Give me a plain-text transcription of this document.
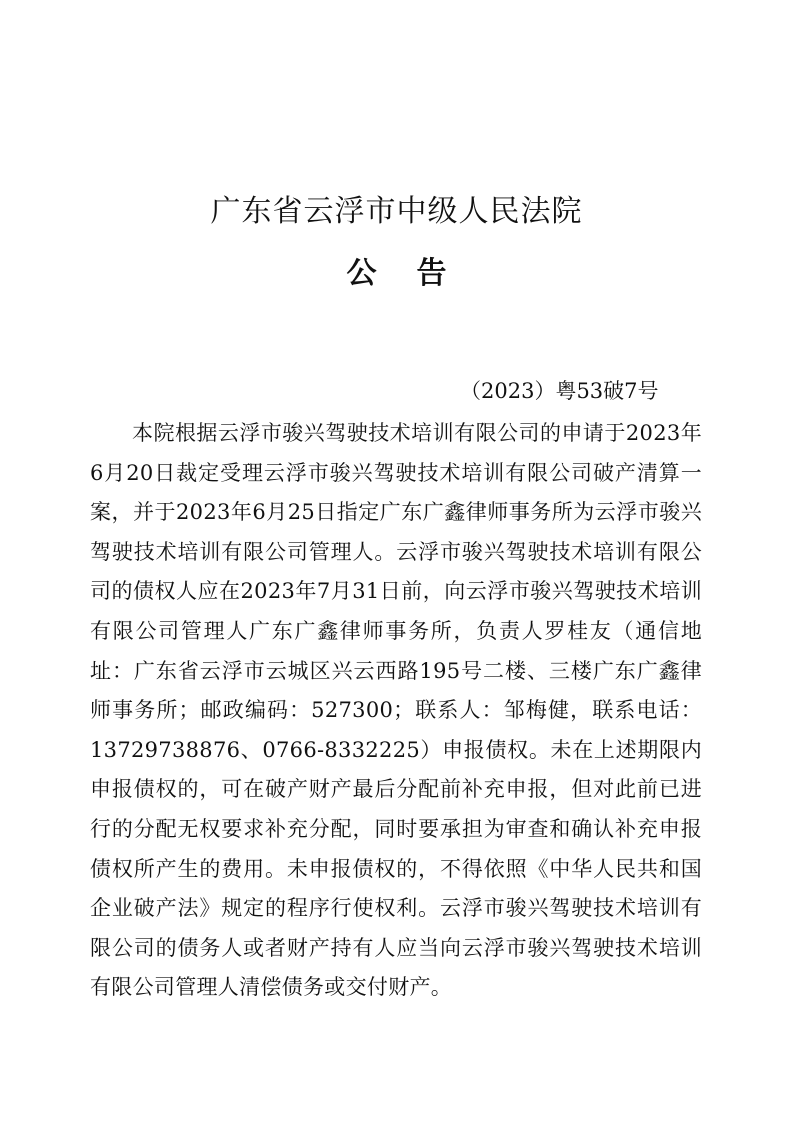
广东省云浮市中级人民法院
公告
（2023）粤53破7号

本院根据云浮市骏兴驾驶技术培训有限公司的申请于2023年6月20日裁定受理云浮市骏兴驾驶技术培训有限公司破产清算一案，并于2023年6月25日指定广东广鑫律师事务所为云浮市骏兴驾驶技术培训有限公司管理人。云浮市骏兴驾驶技术培训有限公司的债权人应在2023年7月31日前，向云浮市骏兴驾驶技术培训有限公司管理人广东广鑫律师事务所，负责人罗桂友（通信地址：广东省云浮市云城区兴云西路195号二楼、三楼广东广鑫律师事务所；邮政编码：527300；联系人：邹梅健，联系电话：13729738876、0766-8332225）申报债权。未在上述期限内申报债权的，可在破产财产最后分配前补充申报，但对此前已进行的分配无权要求补充分配，同时要承担为审查和确认补充申报债权所产生的费用。未申报债权的，不得依照《中华人民共和国企业破产法》规定的程序行使权利。云浮市骏兴驾驶技术培训有限公司的债务人或者财产持有人应当向云浮市骏兴驾驶技术培训有限公司管理人清偿债务或交付财产。
